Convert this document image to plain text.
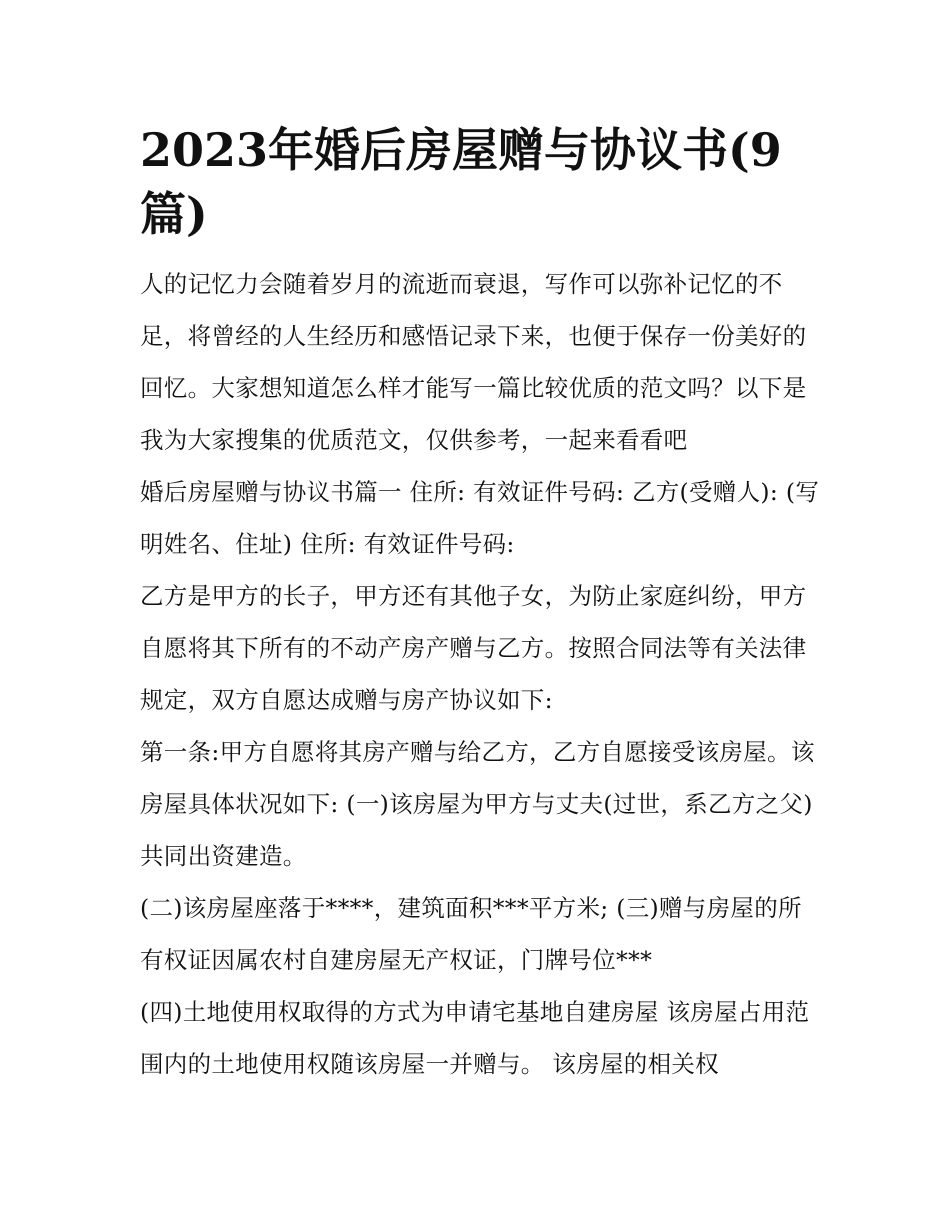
2023年婚后房屋赠与协议书(9篇)

人的记忆力会随着岁月的流逝而衰退，写作可以弥补记忆的不足，将曾经的人生经历和感悟记录下来，也便于保存一份美好的回忆。大家想知道怎么样才能写一篇比较优质的范文吗？以下是我为大家搜集的优质范文，仅供参考，一起来看看吧

婚后房屋赠与协议书篇一 住所: 有效证件号码: 乙方(受赠人): (写明姓名、住址) 住所: 有效证件号码:

乙方是甲方的长子，甲方还有其他子女，为防止家庭纠纷，甲方自愿将其下所有的不动产房产赠与乙方。按照合同法等有关法律规定，双方自愿达成赠与房产协议如下:

第一条:甲方自愿将其房产赠与给乙方，乙方自愿接受该房屋。该房屋具体状况如下: (一)该房屋为甲方与丈夫(过世，系乙方之父)共同出资建造。

(二)该房屋座落于****，建筑面积***平方米; (三)赠与房屋的所有权证因属农村自建房屋无产权证，门牌号位***

(四)土地使用权取得的方式为申请宅基地自建房屋 该房屋占用范围内的土地使用权随该房屋一并赠与。 该房屋的相关权
